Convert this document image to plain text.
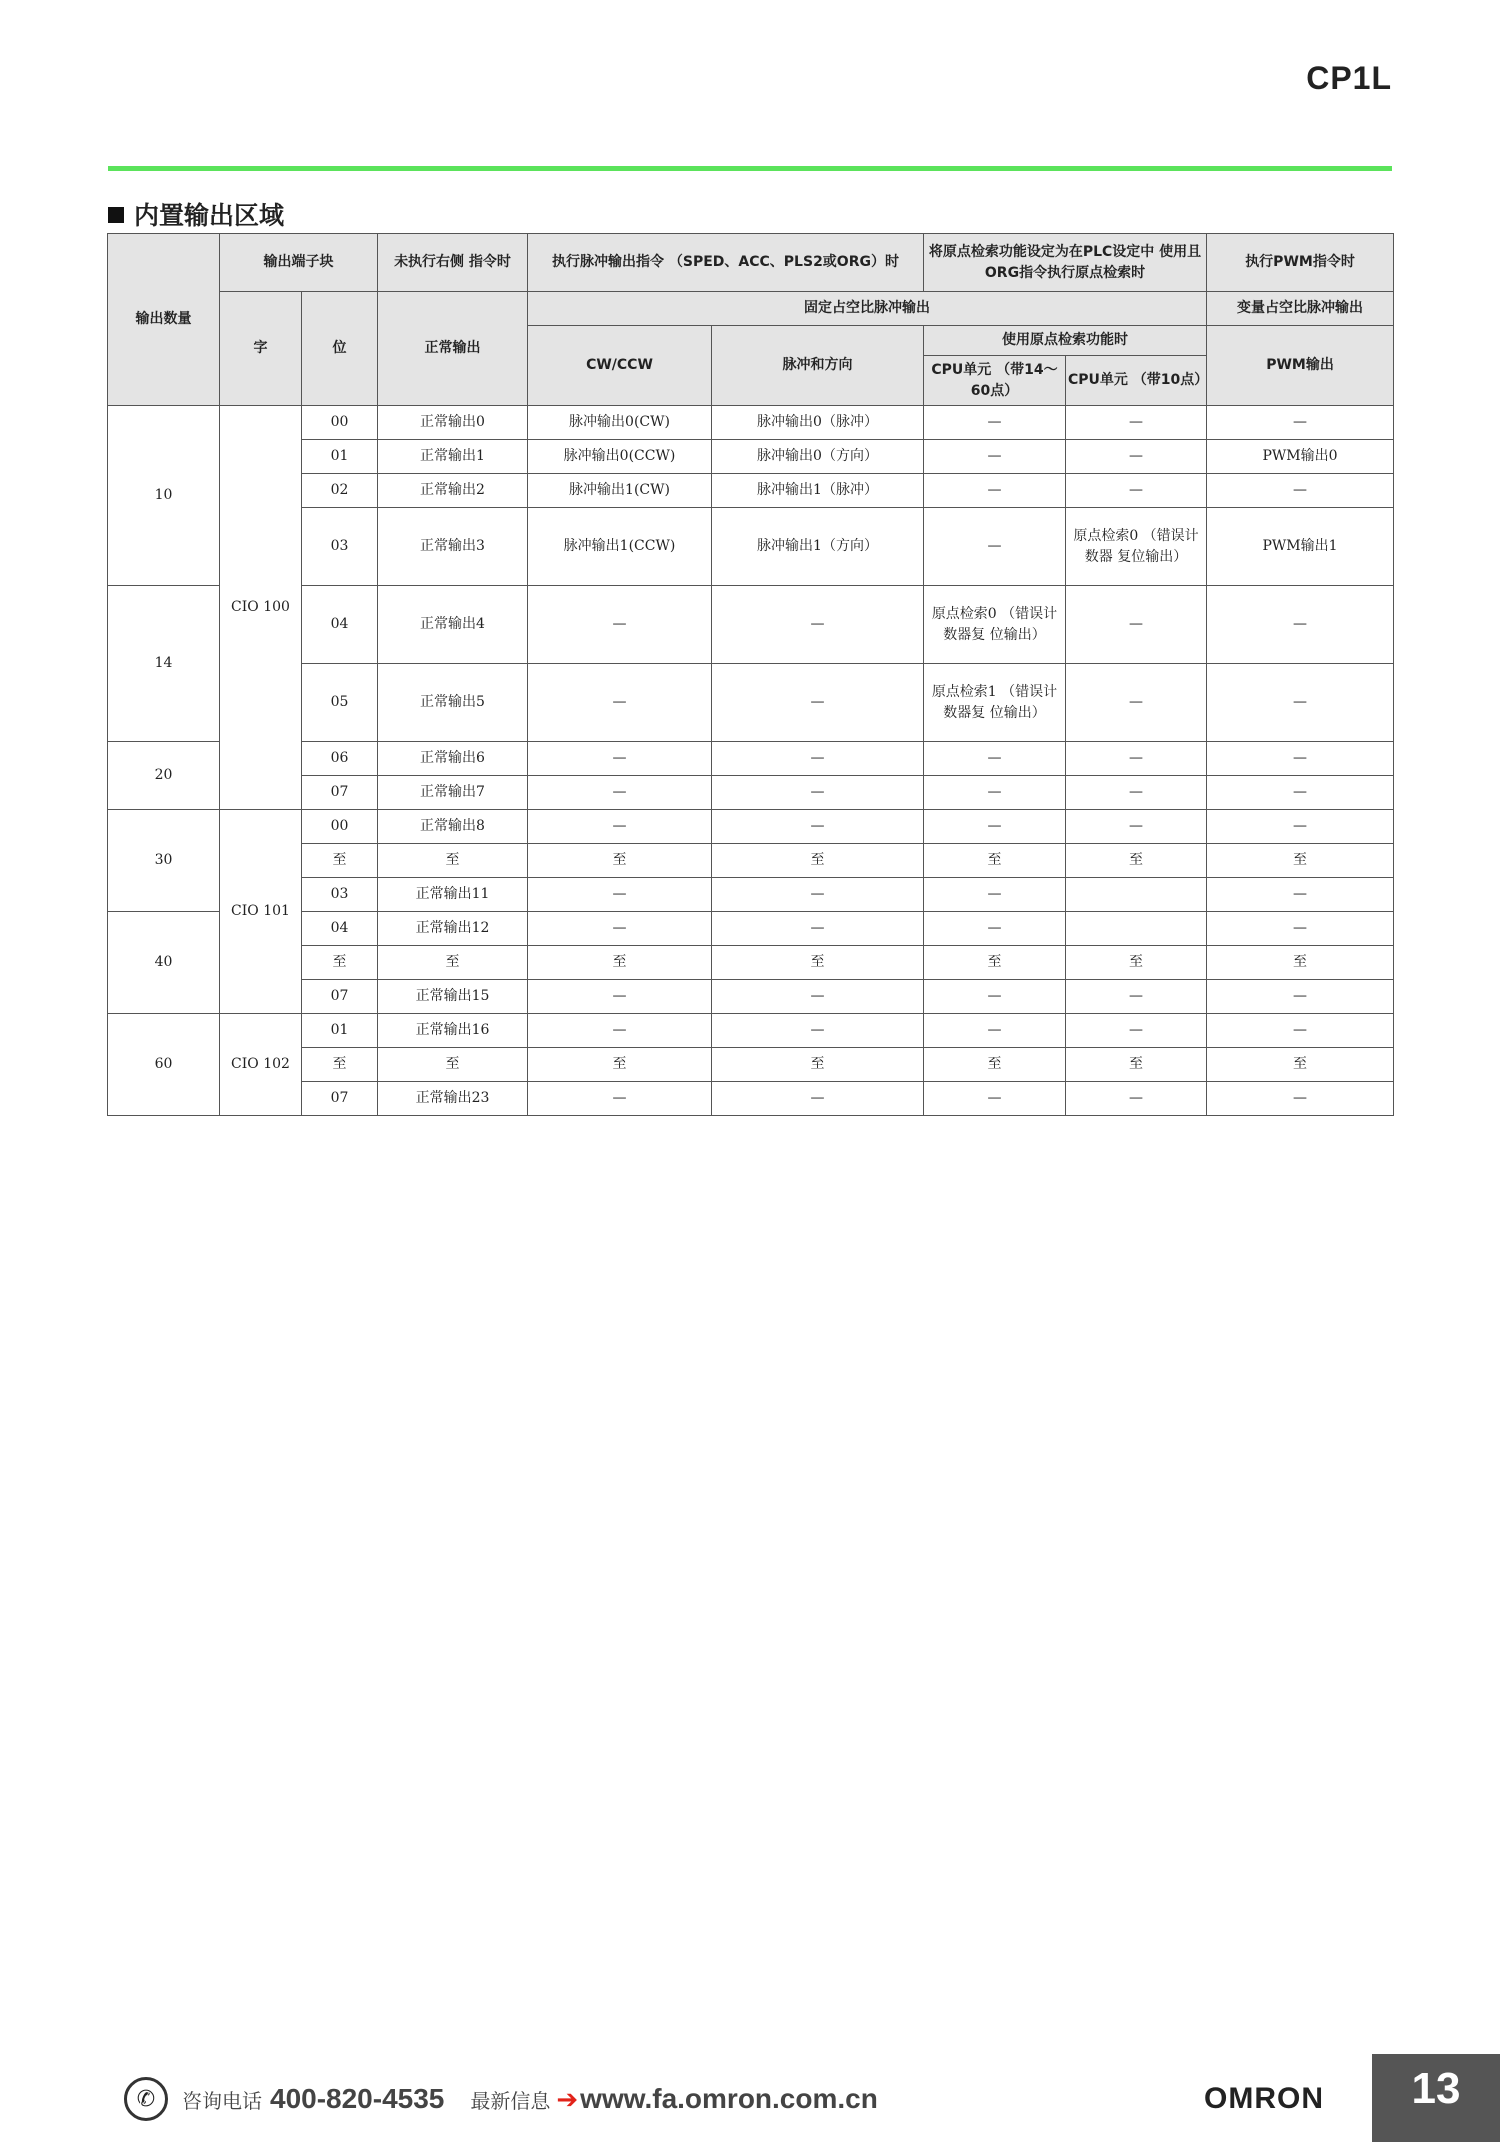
CP1L
内置输出区域
输出数量	输出端子块		未执行右侧 指令时	执行脉冲输出指令 （SPED、ACC、PLS2或ORG）时		将原点检索功能设定为在PLC设定中 使用且ORG指令执行原点检索时		执行PWM指令时
	字	位	正常输出	固定占空比脉冲输出				变量占空比脉冲输出
				CW/CCW	脉冲和方向	使用原点检索功能时		PWM输出
						CPU单元 （带14～60点）	CPU单元 （带10点）	
10	CIO 100	00	正常输出0	脉冲输出0(CW)	脉冲输出0（脉冲）	—	—	—
		01	正常输出1	脉冲输出0(CCW)	脉冲输出0（方向）	—	—	PWM输出0
		02	正常输出2	脉冲输出1(CW)	脉冲输出1（脉冲）	—	—	—
		03	正常输出3	脉冲输出1(CCW)	脉冲输出1（方向）	—	原点检索0 （错误计数器 复位输出）	PWM输出1
14		04	正常输出4	—	—	原点检索0 （错误计数器复 位输出）	—	—
		05	正常输出5	—	—	原点检索1 （错误计数器复 位输出）	—	—
20		06	正常输出6	—	—	—	—	—
		07	正常输出7	—	—	—	—	—
30	CIO 101	00	正常输出8	—	—	—	—	—
		至	至	至	至	至	至	至
		03	正常输出11	—	—	—		—
40		04	正常输出12	—	—	—		—
		至	至	至	至	至	至	至
		07	正常输出15	—	—	—	—	—
60	CIO 102	01	正常输出16	—	—	—	—	—
		至	至	至	至	至	至	至
		07	正常输出23	—	—	—	—	—
✆	咨询电话 400-820-4535 最新信息 ➔ www.fa.omron.com.cn	OMRON	13
